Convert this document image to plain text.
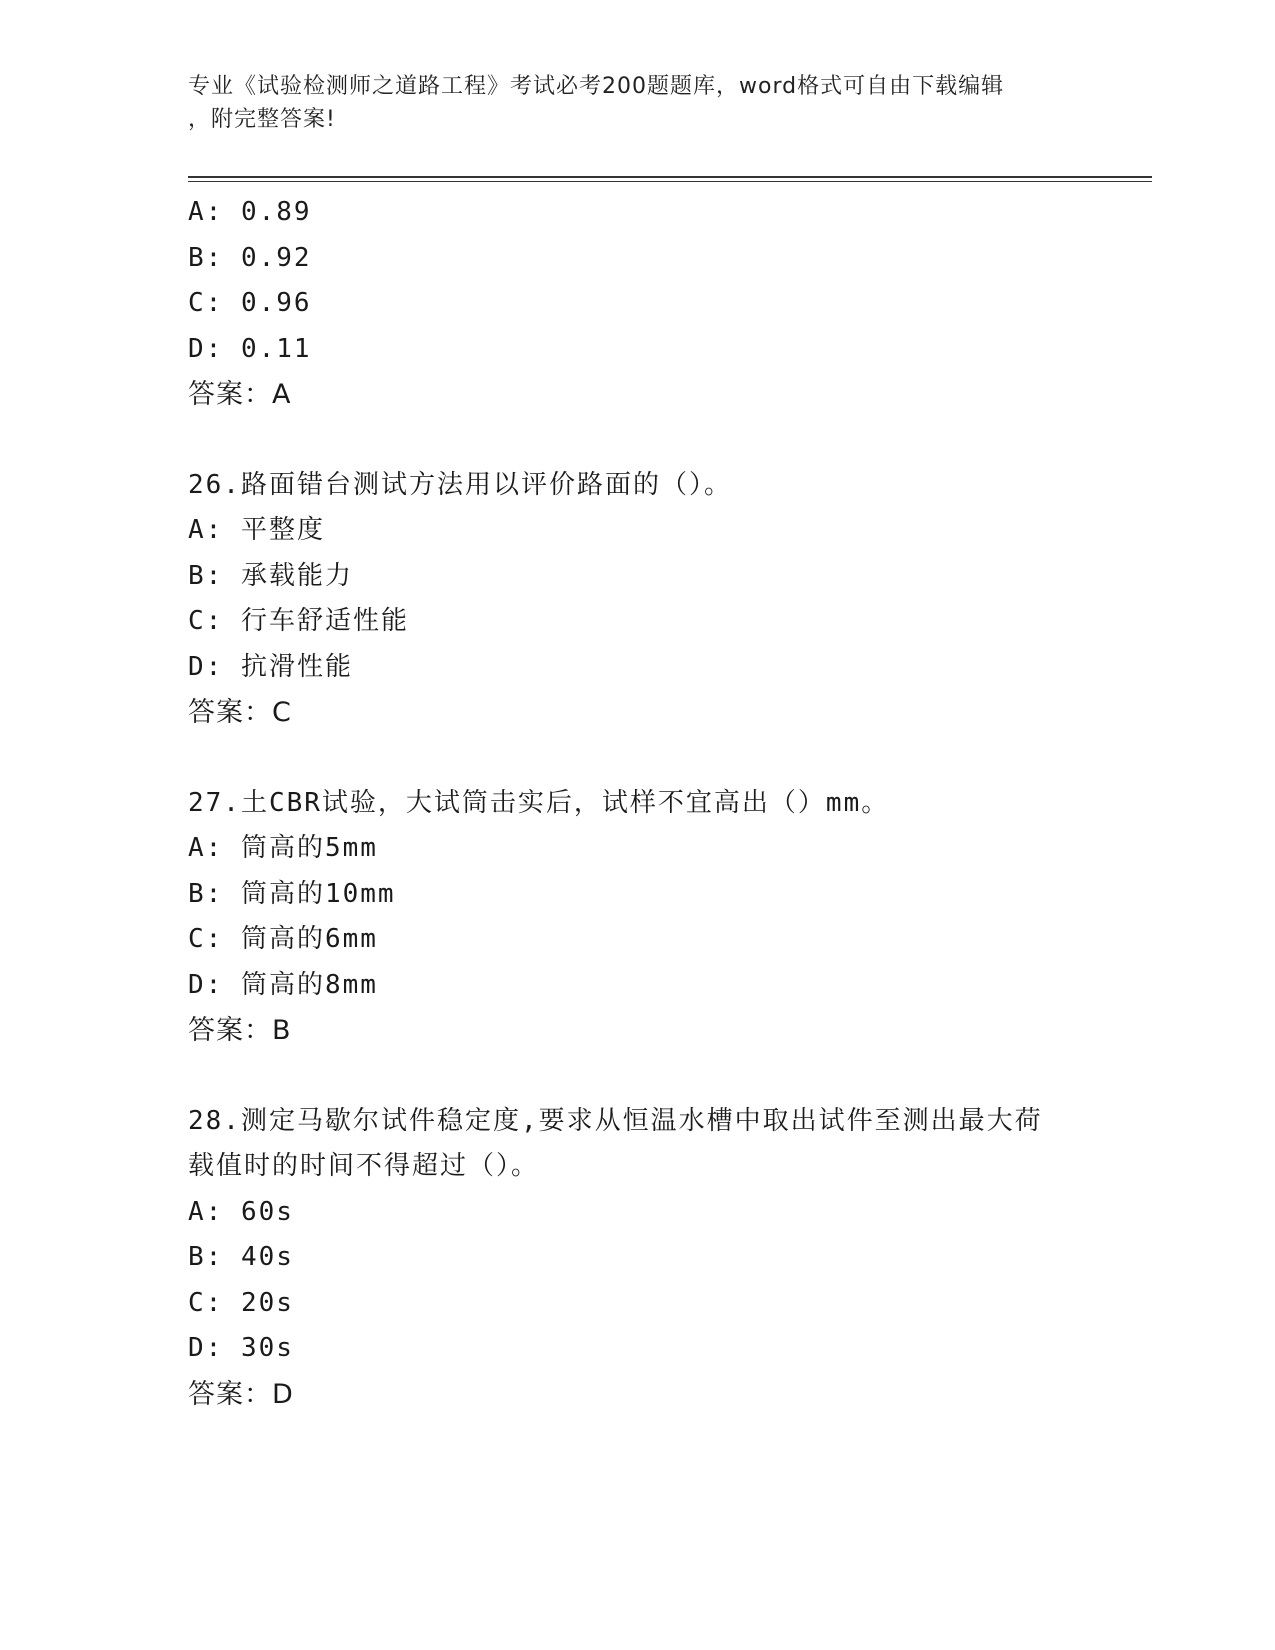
专业《试验检测师之道路工程》考试必考200题题库，word格式可自由下载编辑
，附完整答案!
A: 0.89
B: 0.92
C: 0.96
D: 0.11
答案：A
26.路面错台测试方法用以评价路面的（）。
A: 平整度
B: 承载能力
C: 行车舒适性能
D: 抗滑性能
答案：C
27.土CBR试验，大试筒击实后，试样不宜高出（）mm。
A: 筒高的5mm
B: 筒高的10mm
C: 筒高的6mm
D: 筒高的8mm
答案：B
28.测定马歇尔试件稳定度,要求从恒温水槽中取出试件至测出最大荷
载值时的时间不得超过（）。
A: 60s
B: 40s
C: 20s
D: 30s
答案：D
